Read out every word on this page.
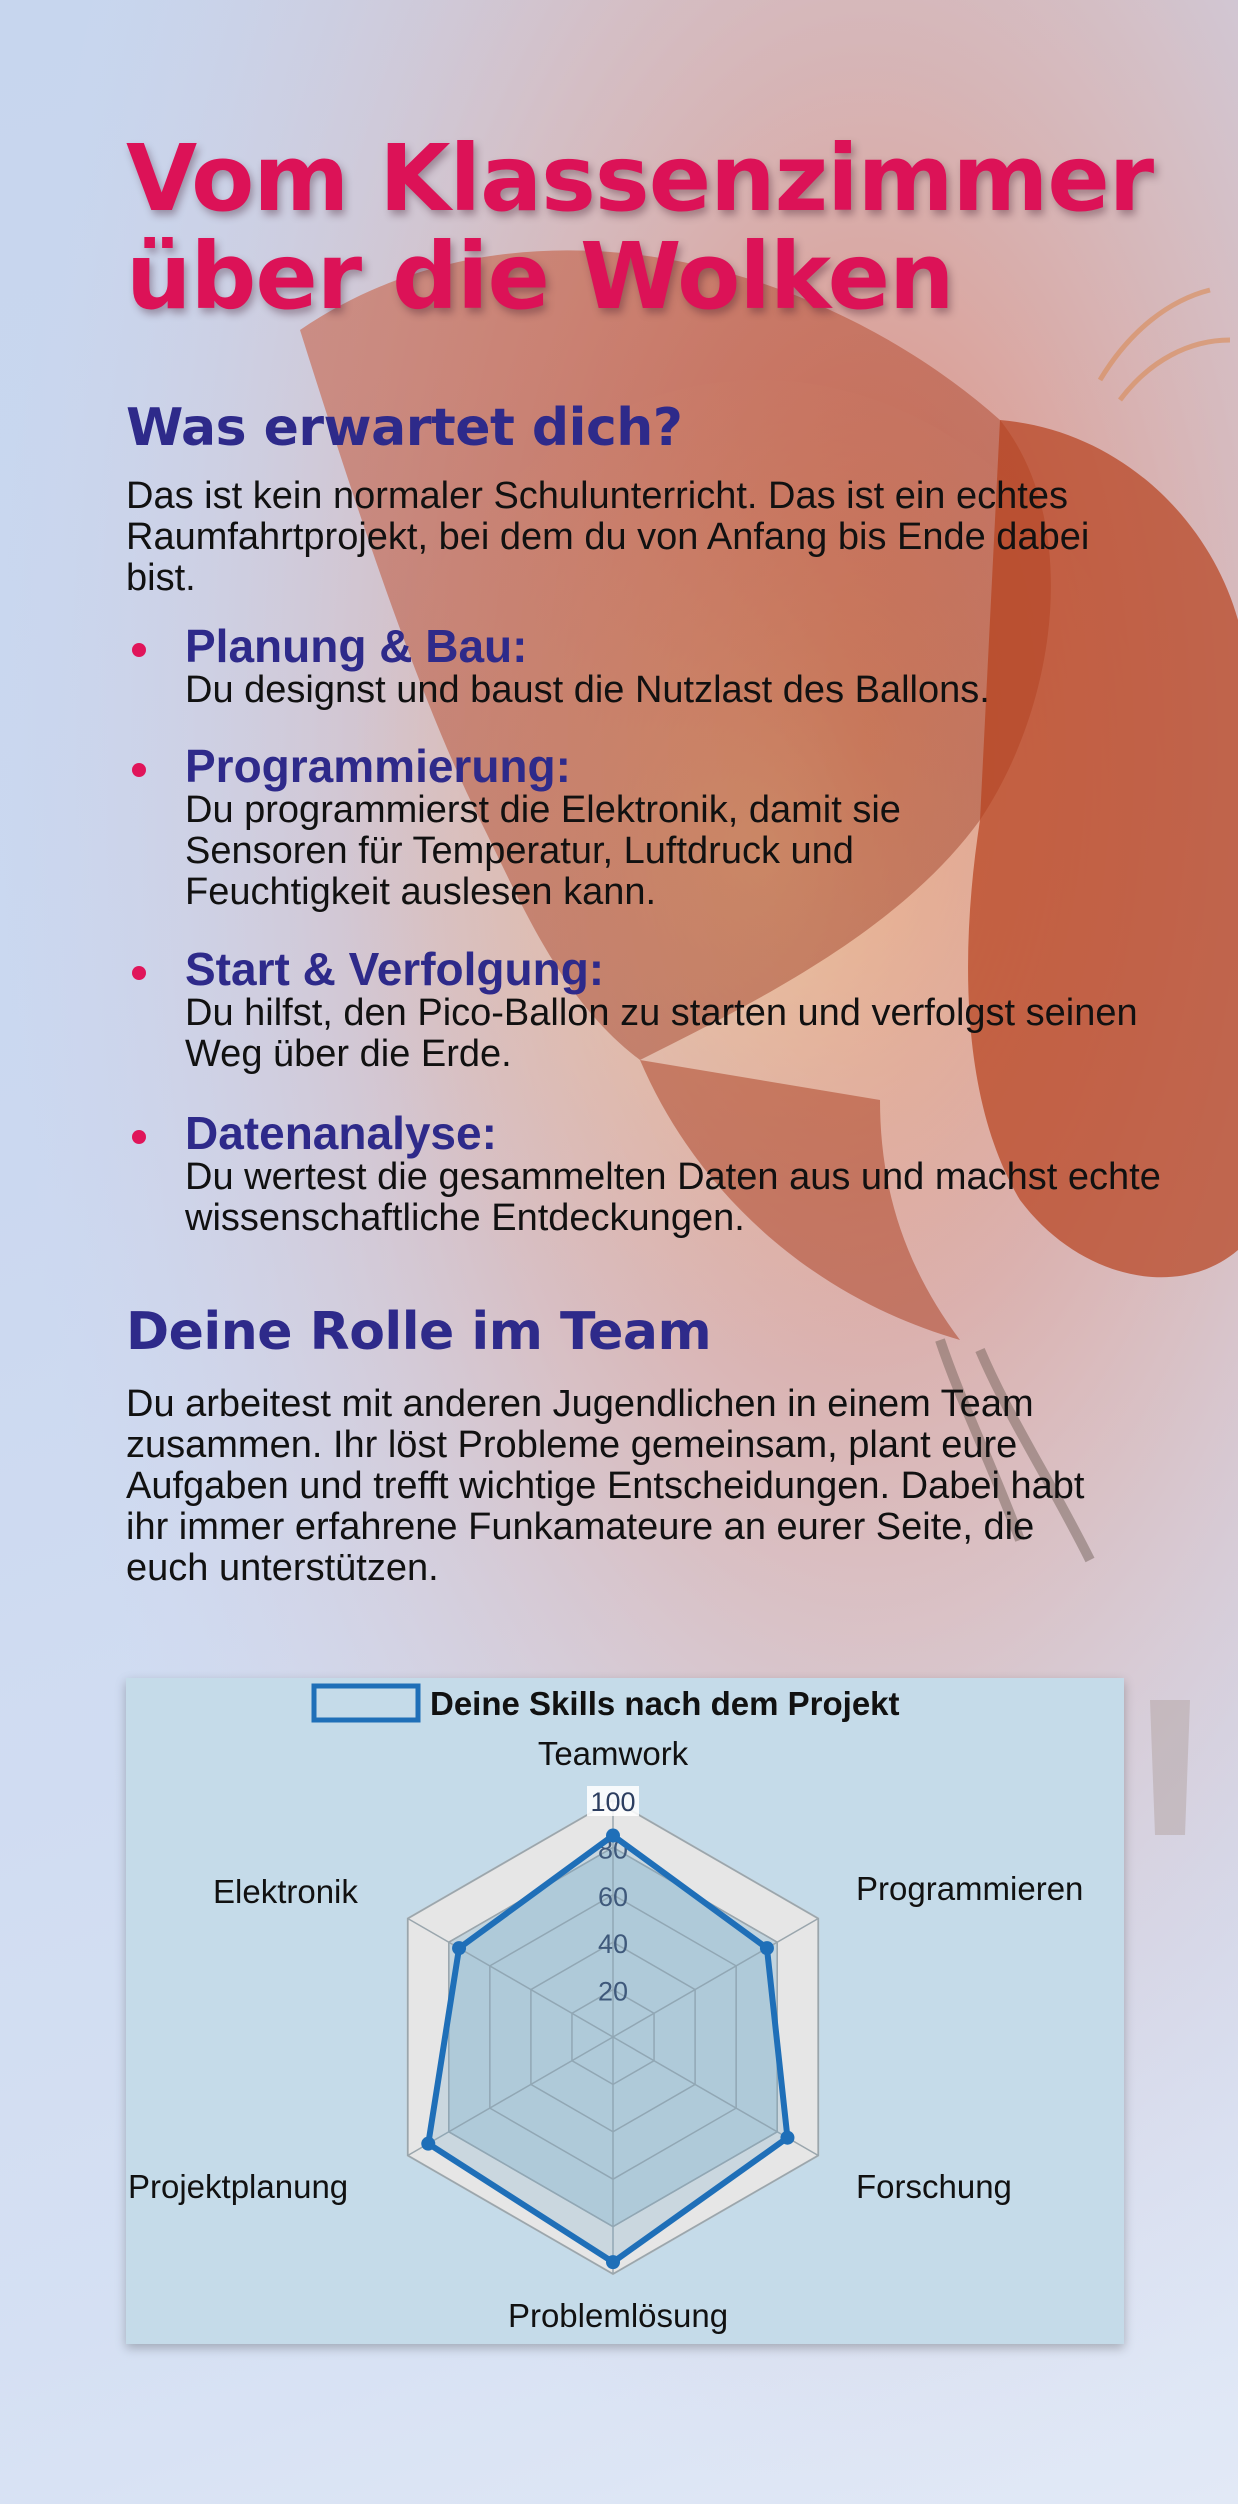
Vom Klassenzimmer
über die Wolken
Was erwartet dich?

Das ist kein normaler Schulunterricht. Das ist ein echtes Raumfahrtprojekt, bei dem du von Anfang bis Ende dabei bist.

Planung & Bau:

Du designst und baust die Nutzlast des Ballons.

Programmierung:

Du programmierst die Elektronik, damit sie Sensoren für Temperatur, Luftdruck und Feuchtigkeit auslesen kann.

Start & Verfolgung:

Du hilfst, den Pico-Ballon zu starten und verfolgst seinen Weg über die Erde.

Datenanalyse:

Du wertest die gesammelten Daten aus und machst echte wissenschaftliche Entdeckungen.

Deine Rolle im Team

Du arbeitest mit anderen Jugendlichen in einem Team zusammen. Ihr löst Probleme gemeinsam, plant eure Aufgaben und trefft wichtige Entscheidungen. Dabei habt ihr immer erfahrene Funkamateure an eurer Seite, die euch unterstützen.

Deine Skills nach dem Projekt
100
Teamwork
Programmieren
Forschung
Problemlösung
Projektplanung
Elektronik
